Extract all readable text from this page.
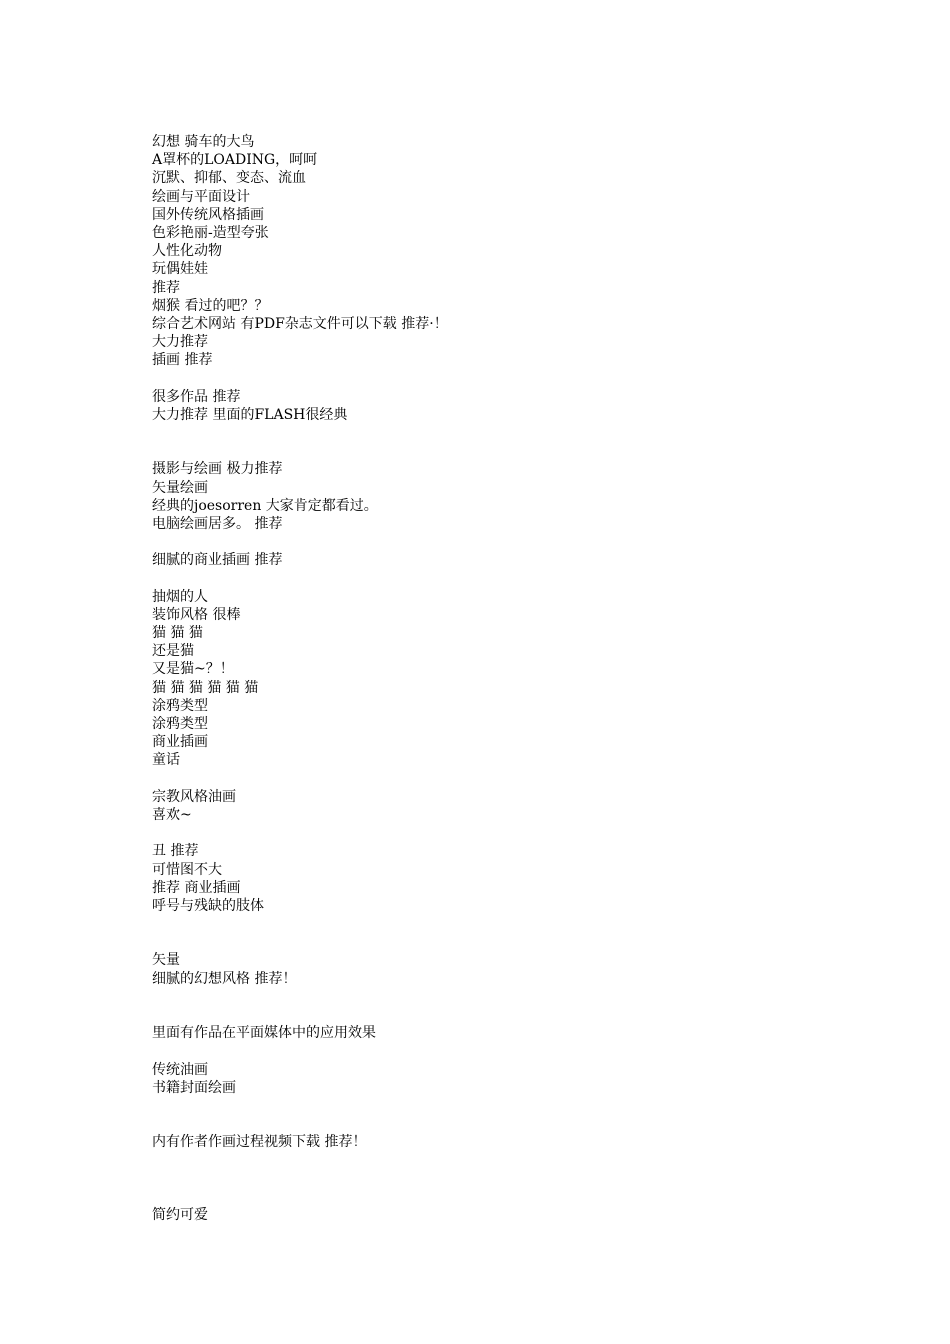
幻想 骑车的大鸟
A罩杯的LOADING，呵呵
沉默、抑郁、变态、流血
绘画与平面设计
国外传统风格插画
色彩艳丽-造型夸张
人性化动物
玩偶娃娃
推荐
烟猴 看过的吧？？
综合艺术网站 有PDF杂志文件可以下载 推荐·！
大力推荐
插画 推荐
很多作品 推荐
大力推荐 里面的FLASH很经典
摄影与绘画 极力推荐
矢量绘画
经典的joesorren 大家肯定都看过。
电脑绘画居多。 推荐
细腻的商业插画 推荐
抽烟的人
装饰风格 很棒
猫 猫 猫
还是猫
又是猫~？！
猫 猫 猫 猫 猫 猫
涂鸦类型
涂鸦类型
商业插画
童话
宗教风格油画
喜欢~
丑 推荐
可惜图不大
推荐 商业插画
呼号与残缺的肢体
矢量
细腻的幻想风格 推荐！
里面有作品在平面媒体中的应用效果
传统油画
书籍封面绘画
内有作者作画过程视频下载 推荐！
简约可爱
